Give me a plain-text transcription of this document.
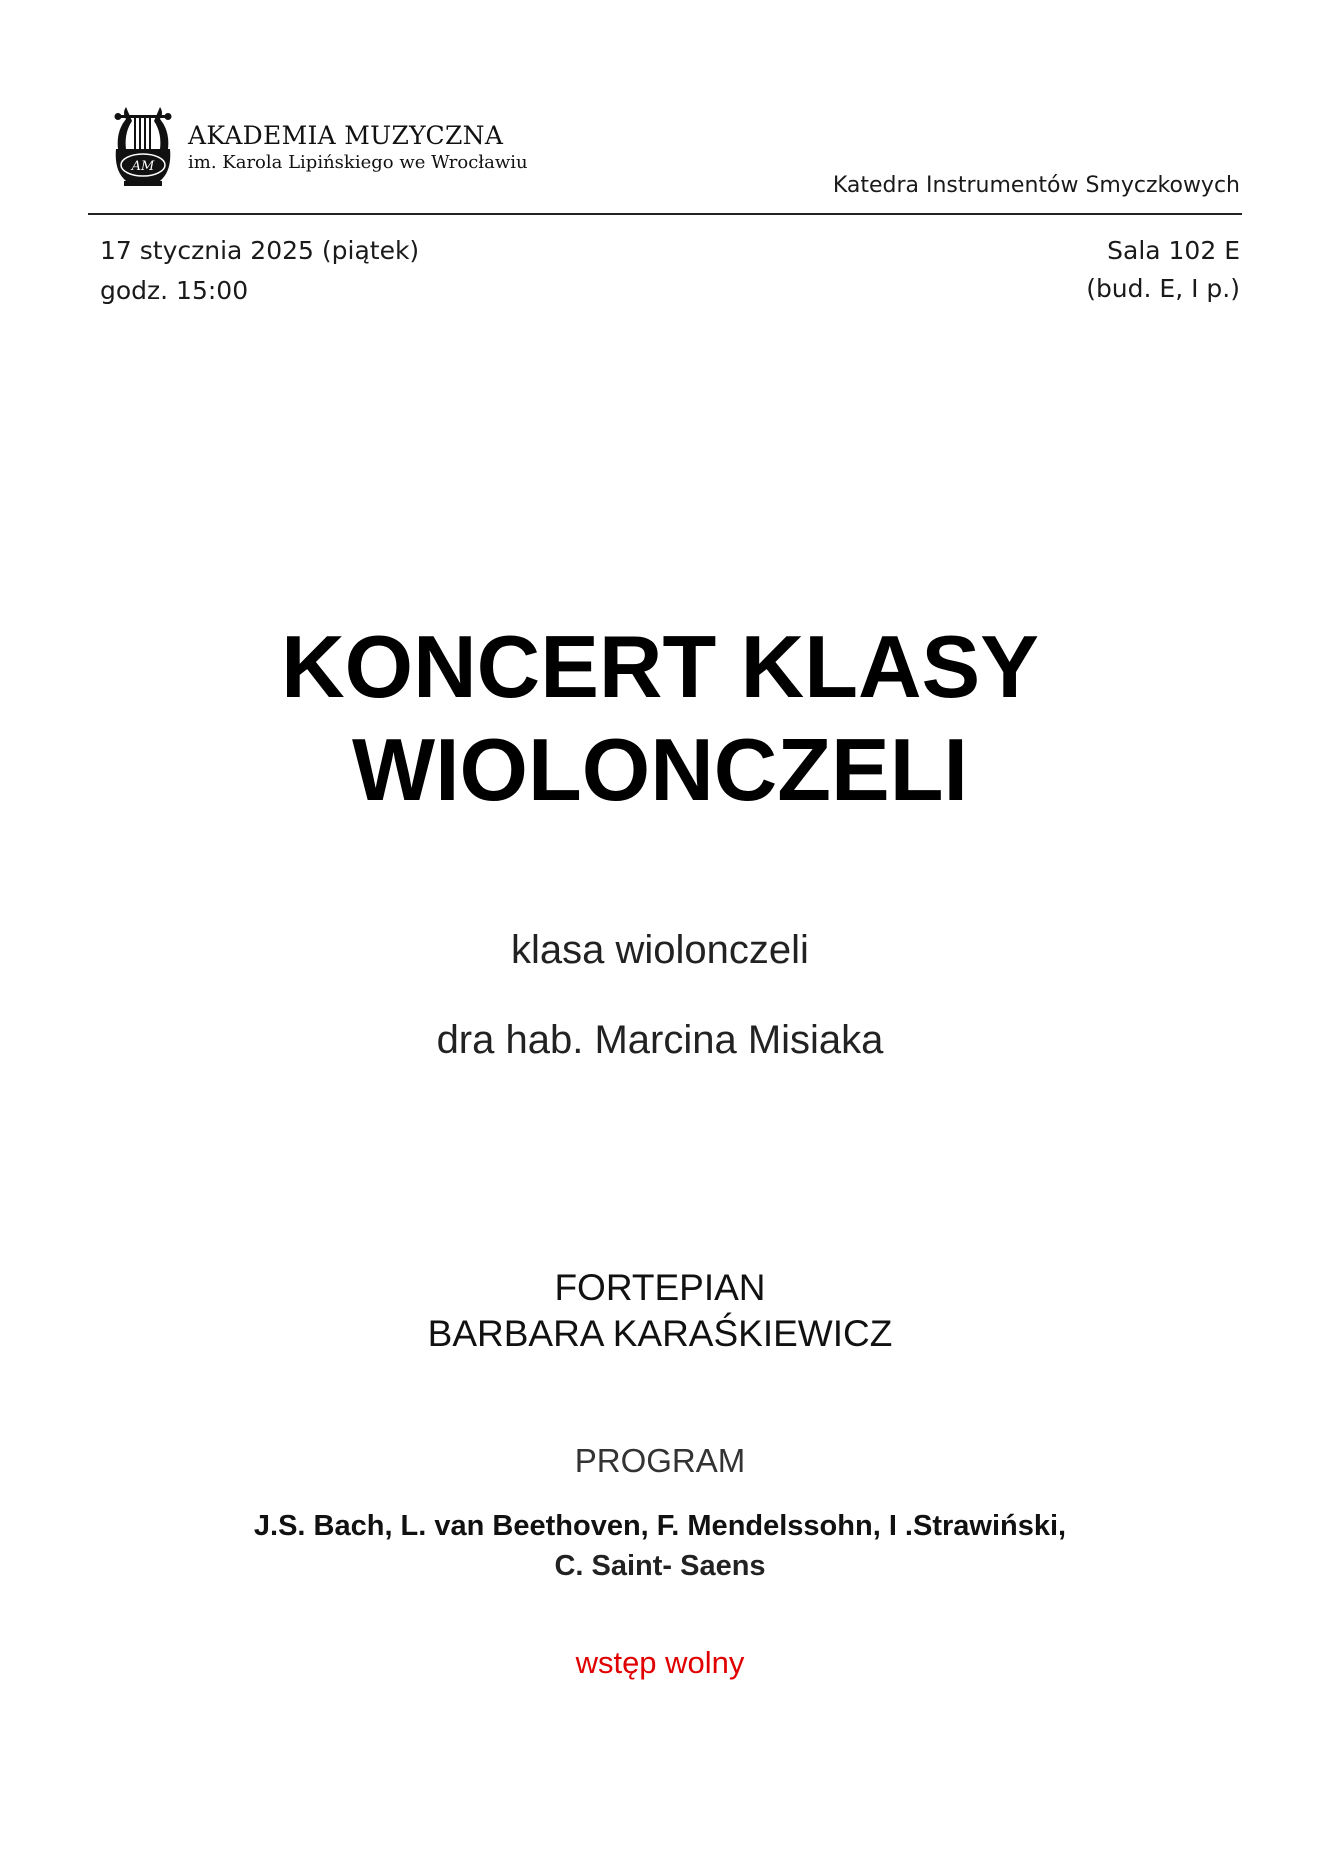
AM
AKADEMIA MUZYCZNA
im. Karola Lipińskiego we Wrocławiu
Katedra Instrumentów Smyczkowych
17 stycznia 2025 (piątek)
godz. 15:00
Sala 102 E
(bud. E, I p.)
KONCERT KLASY
WIOLONCZELI
klasa wiolonczeli
dra hab. Marcina Misiaka
FORTEPIAN
BARBARA KARAŚKIEWICZ
PROGRAM
J.S. Bach, L. van Beethoven, F. Mendelssohn, I .Strawiński,
C. Saint- Saens
wstęp wolny
